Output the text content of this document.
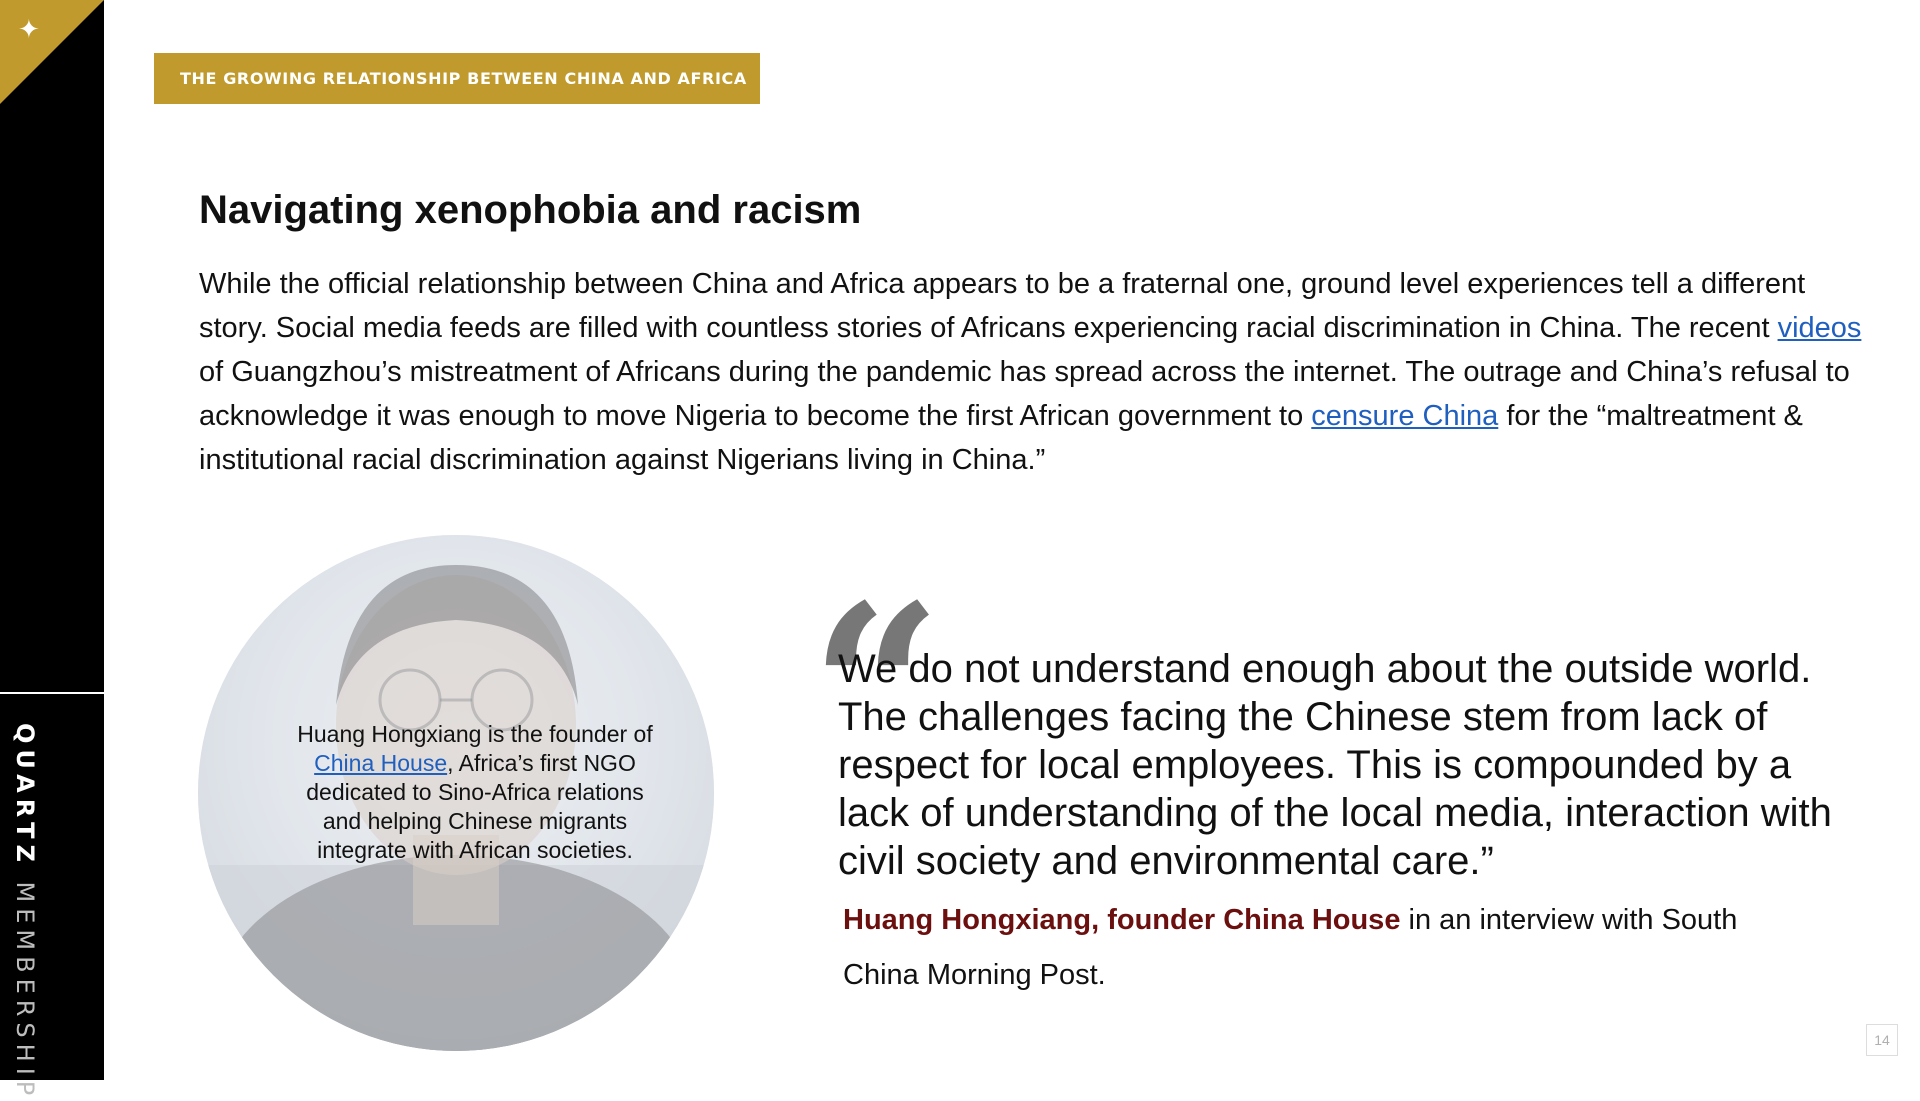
✦
QUARTZ MEMBERSHIP
THE GROWING RELATIONSHIP BETWEEN CHINA AND AFRICA
Navigating xenophobia and racism

While the official relationship between China and Africa appears to be a fraternal one, ground level experiences tell a different story. Social media feeds are filled with countless stories of Africans experiencing racial discrimination in China. The recent videos of Guangzhou’s mistreatment of Africans during the pandemic has spread across the internet. The outrage and China’s refusal to acknowledge it was enough to move Nigeria to become the first African government to censure China for the “maltreatment & institutional racial discrimination against Nigerians living in China.”

Huang Hongxiang is the founder of China House, Africa’s first NGO dedicated to Sino-Africa relations and helping Chinese migrants integrate with African societies.

“

We do not understand enough about the outside world. The challenges facing the Chinese stem from lack of respect for local employees. This is compounded by a lack of understanding of the local media, interaction with civil society and environmental care.”

Huang Hongxiang, founder China House in an interview with South China Morning Post.

14
